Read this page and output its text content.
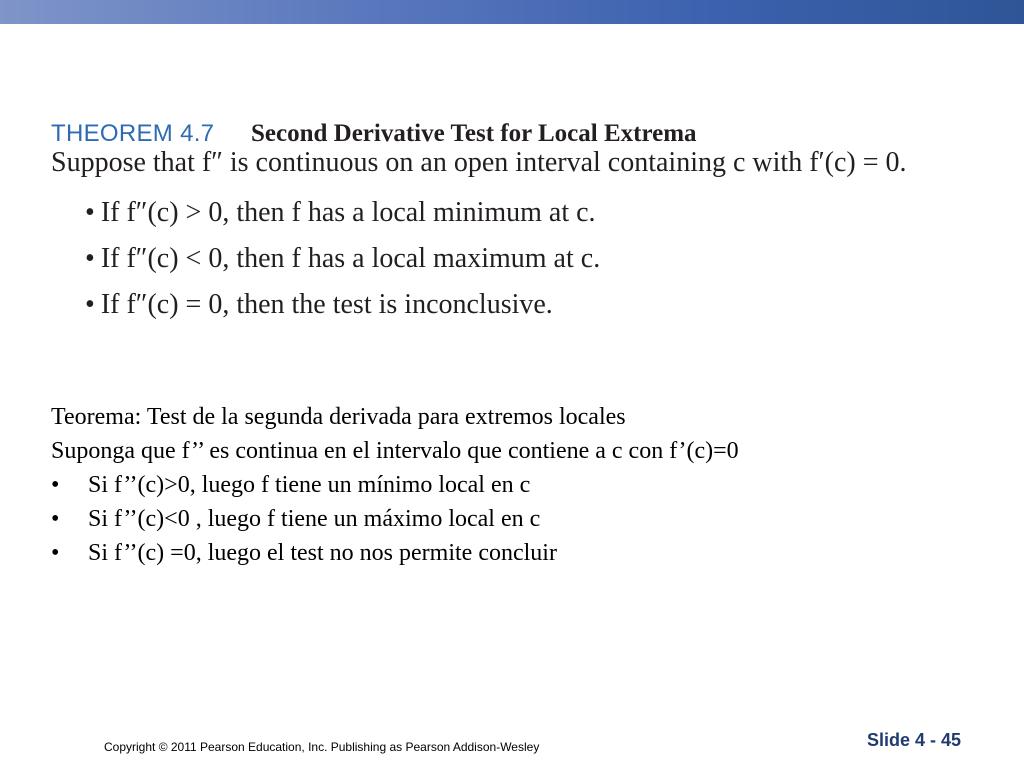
THEOREM 4.7 Second Derivative Test for Local Extrema
Suppose that f″ is continuous on an open interval containing c with f′(c) = 0.
• If f″(c) > 0, then f has a local minimum at c.
• If f″(c) < 0, then f has a local maximum at c.
• If f″(c) = 0, then the test is inconclusive.
Teorema: Test de la segunda derivada para extremos locales
Suponga que f’’ es continua en el intervalo que contiene a c con f’(c)=0
• Si f’’(c)>0, luego f tiene un mínimo local en c
• Si f’’(c)<0 , luego f tiene un máximo local en c
• Si f’’(c) =0, luego el test no nos permite concluir
Copyright © 2011 Pearson Education, Inc. Publishing as Pearson Addison-Wesley	Slide 4 - 45
